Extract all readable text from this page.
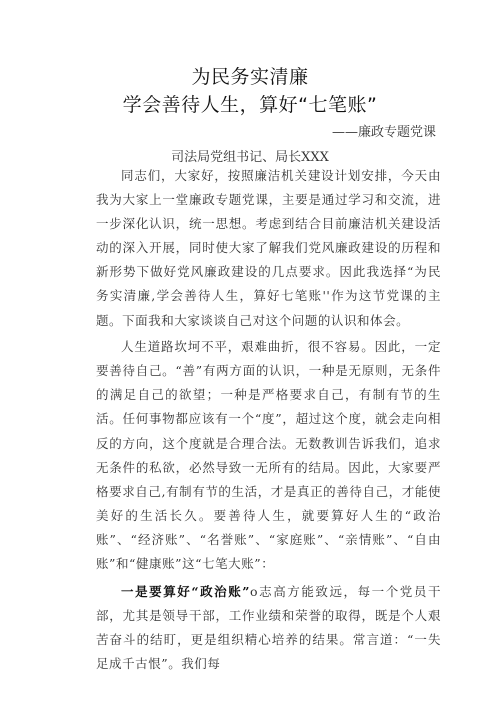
为民务实清廉
学会善待人生，算好“七笔账”
——廉政专题党课
司法局党组书记、局长XXX

同志们，大家好，按照廉洁机关建设计划安排，今天由我为大家上一堂廉政专题党课，主要是通过学习和交流，进一步深化认识，统一思想。考虑到结合目前廉洁机关建设活动的深入开展，同时使大家了解我们党风廉政建设的历程和新形势下做好党风廉政建设的几点要求。因此我选择“为民务实清廉,学会善待人生，算好七笔账''作为这节党课的主题。下面我和大家谈谈自己对这个问题的认识和体会。

人生道路坎坷不平，艰难曲折，很不容易。因此，一定要善待自己。“善”有两方面的认识，一种是无原则，无条件的满足自己的欲望；一种是严格要求自己，有制有节的生活。任何事物都应该有一个“度”，超过这个度，就会走向相反的方向，这个度就是合理合法。无数教训告诉我们，追求无条件的私欲，必然导致一无所有的结局。因此，大家要严格要求自己,有制有节的生活，才是真正的善待自己，才能使美好的生活长久。要善待人生，就要算好人生的“政治账”、“经济账”、“名誉账”、“家庭账”、“亲情账”、“自由账”和“健康账”这“七笔大账”：

一是要算好“政治账”o志高方能致远，每一个党员干部，尤其是领导干部，工作业绩和荣誉的取得，既是个人艰苦奋斗的结盯，更是组织精心培养的结果。常言道：“一失足成千古恨”。我们每
